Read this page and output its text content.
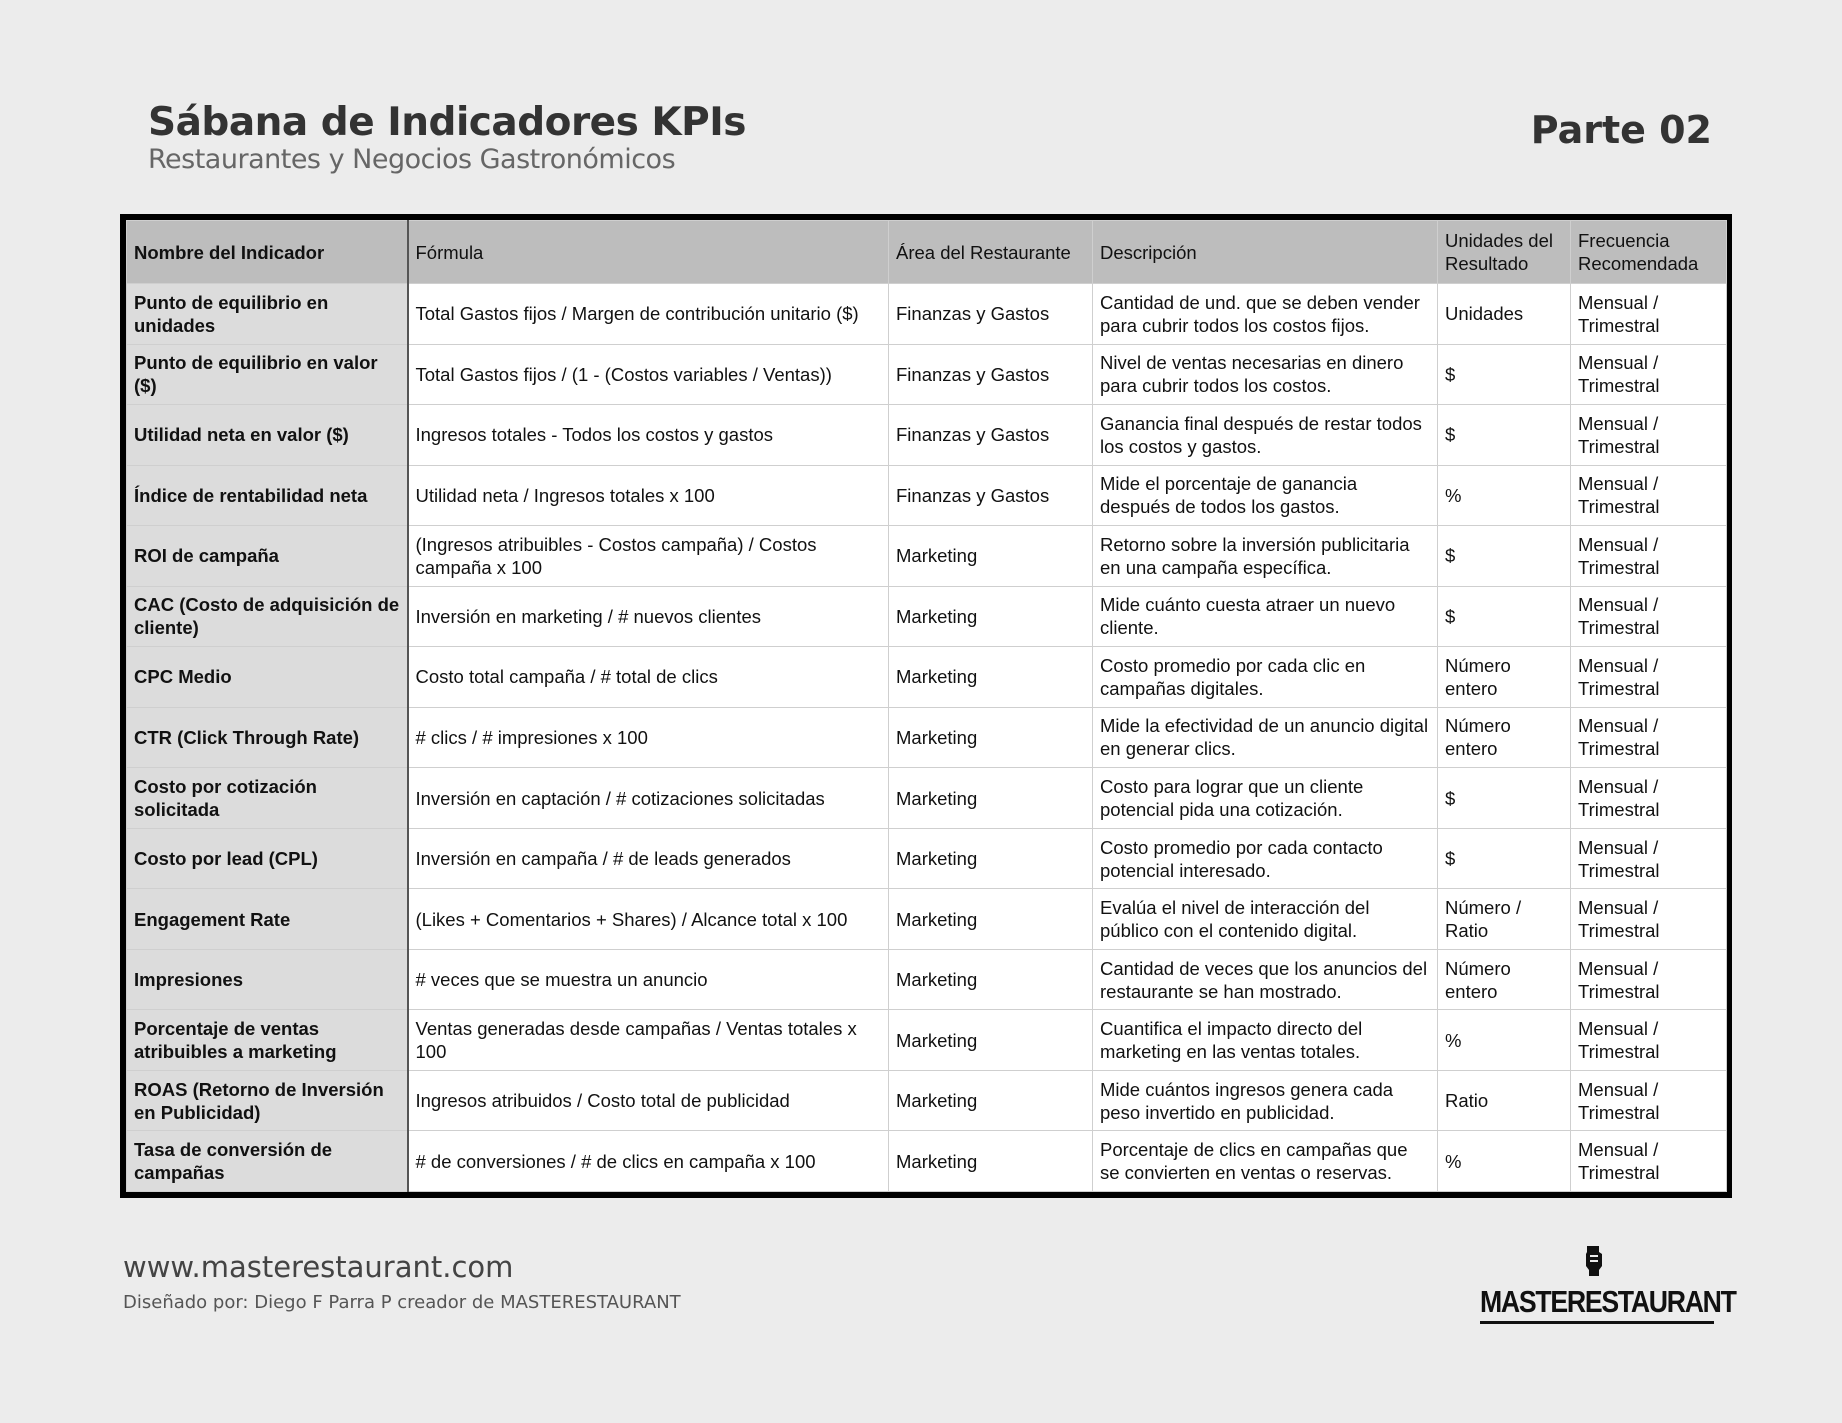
Sábana de Indicadores KPIs
Restaurantes y Negocios Gastronómicos
Parte 02
Nombre del Indicador	Fórmula	Área del Restaurante	Descripción	Unidades del Resultado	Frecuencia Recomendada
Punto de equilibrio en unidades	Total Gastos fijos / Margen de contribución unitario ($)	Finanzas y Gastos	Cantidad de und. que se deben vender para cubrir todos los costos fijos.	Unidades	Mensual / Trimestral
Punto de equilibrio en valor ($)	Total Gastos fijos / (1 - (Costos variables / Ventas))	Finanzas y Gastos	Nivel de ventas necesarias en dinero para cubrir todos los costos.	$	Mensual / Trimestral
Utilidad neta en valor ($)	Ingresos totales - Todos los costos y gastos	Finanzas y Gastos	Ganancia final después de restar todos los costos y gastos.	$	Mensual / Trimestral
Índice de rentabilidad neta	Utilidad neta / Ingresos totales x 100	Finanzas y Gastos	Mide el porcentaje de ganancia después de todos los gastos.	%	Mensual / Trimestral
ROI de campaña	(Ingresos atribuibles - Costos campaña) / Costos campaña x 100	Marketing	Retorno sobre la inversión publicitaria en una campaña específica.	$	Mensual / Trimestral
CAC (Costo de adquisición de cliente)	Inversión en marketing / # nuevos clientes	Marketing	Mide cuánto cuesta atraer un nuevo cliente.	$	Mensual / Trimestral
CPC Medio	Costo total campaña / # total de clics	Marketing	Costo promedio por cada clic en campañas digitales.	Número entero	Mensual / Trimestral
CTR (Click Through Rate)	# clics / # impresiones x 100	Marketing	Mide la efectividad de un anuncio digital en generar clics.	Número entero	Mensual / Trimestral
Costo por cotización solicitada	Inversión en captación / # cotizaciones solicitadas	Marketing	Costo para lograr que un cliente potencial pida una cotización.	$	Mensual / Trimestral
Costo por lead (CPL)	Inversión en campaña / # de leads generados	Marketing	Costo promedio por cada contacto potencial interesado.	$	Mensual / Trimestral
Engagement Rate	(Likes + Comentarios + Shares) / Alcance total x 100	Marketing	Evalúa el nivel de interacción del público con el contenido digital.	Número / Ratio	Mensual / Trimestral
Impresiones	# veces que se muestra un anuncio	Marketing	Cantidad de veces que los anuncios del restaurante se han mostrado.	Número entero	Mensual / Trimestral
Porcentaje de ventas atribuibles a marketing	Ventas generadas desde campañas / Ventas totales x 100	Marketing	Cuantifica el impacto directo del marketing en las ventas totales.	%	Mensual / Trimestral
ROAS (Retorno de Inversión en Publicidad)	Ingresos atribuidos / Costo total de publicidad	Marketing	Mide cuántos ingresos genera cada peso invertido en publicidad.	Ratio	Mensual / Trimestral
Tasa de conversión de campañas	# de conversiones / # de clics en campaña x 100	Marketing	Porcentaje de clics en campañas que se convierten en ventas o reservas.	%	Mensual / Trimestral
www.masterestaurant.com
Diseñado por: Diego F Parra P creador de MASTERESTAURANT	MASTERESTAURANT
